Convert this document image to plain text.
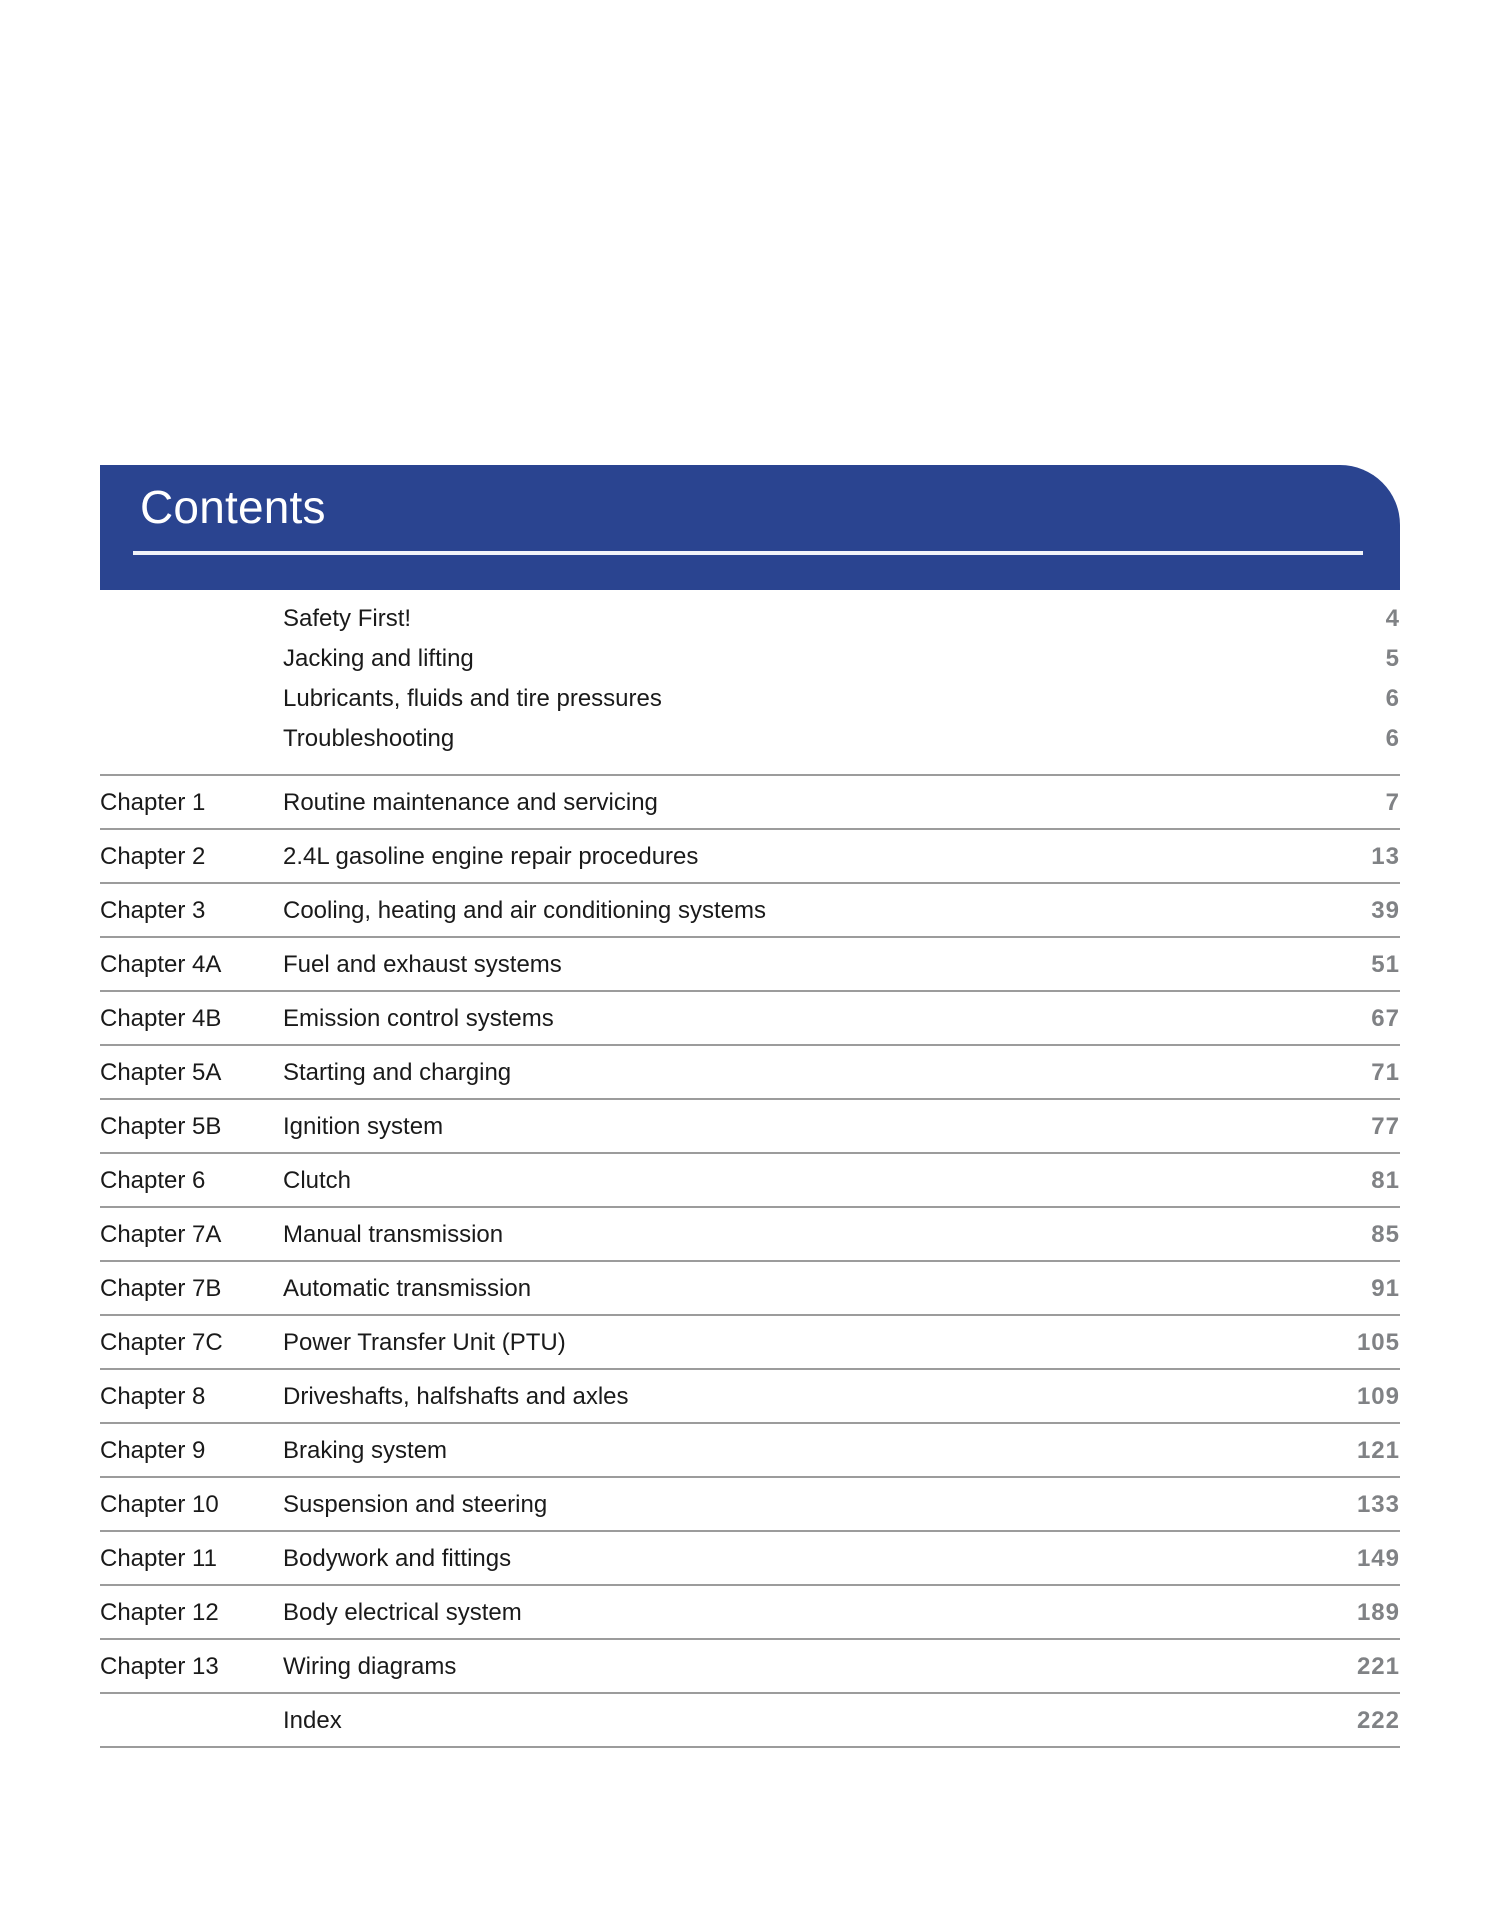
Contents
Safety First!	4
Jacking and lifting	5
Lubricants, fluids and tire pressures	6
Troubleshooting	6
Chapter 1	Routine maintenance and servicing	7
Chapter 2	2.4L gasoline engine repair procedures	13
Chapter 3	Cooling, heating and air conditioning systems	39
Chapter 4A	Fuel and exhaust systems	51
Chapter 4B	Emission control systems	67
Chapter 5A	Starting and charging	71
Chapter 5B	Ignition system	77
Chapter 6	Clutch	81
Chapter 7A	Manual transmission	85
Chapter 7B	Automatic transmission	91
Chapter 7C	Power Transfer Unit (PTU)	105
Chapter 8	Driveshafts, halfshafts and axles	109
Chapter 9	Braking system	121
Chapter 10	Suspension and steering	133
Chapter 11	Bodywork and fittings	149
Chapter 12	Body electrical system	189
Chapter 13	Wiring diagrams	221
Index	222
